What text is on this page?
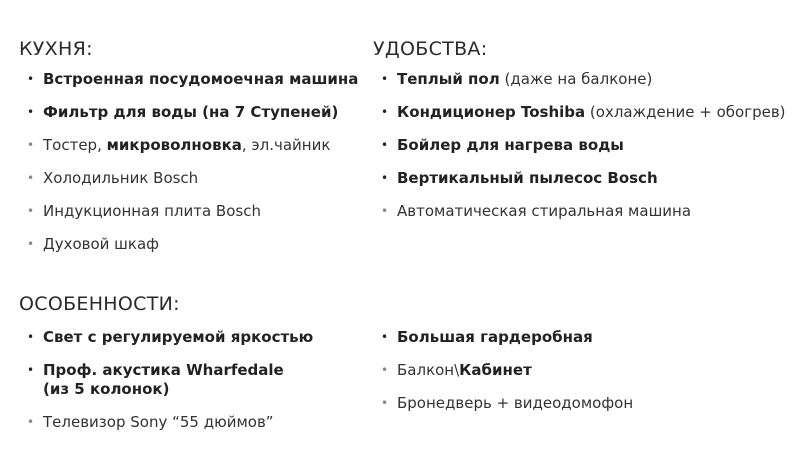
КУХНЯ:
• Встроенная посудомоечная машина
• Фильтр для воды (на 7 Ступеней)
• Тостер, микроволновка, эл.чайник
• Холодильник Bosch
• Индукционная плита Bosch
• Духовой шкаф
УДОБСТВА:
• Теплый пол (даже на балконе)
• Кондиционер Toshiba (охлаждение + обогрев)
• Бойлер для нагрева воды
• Вертикальный пылесос Bosch
• Автоматическая стиральная машина
ОСОБЕННОСТИ:
• Свет с регулируемой яркостью
• Проф. акустика Wharfedale
(из 5 колонок)
• Телевизор Sony “55 дюймов”
• Большая гардеробная
• Балкон\Кабинет
• Бронедверь + видеодомофон
